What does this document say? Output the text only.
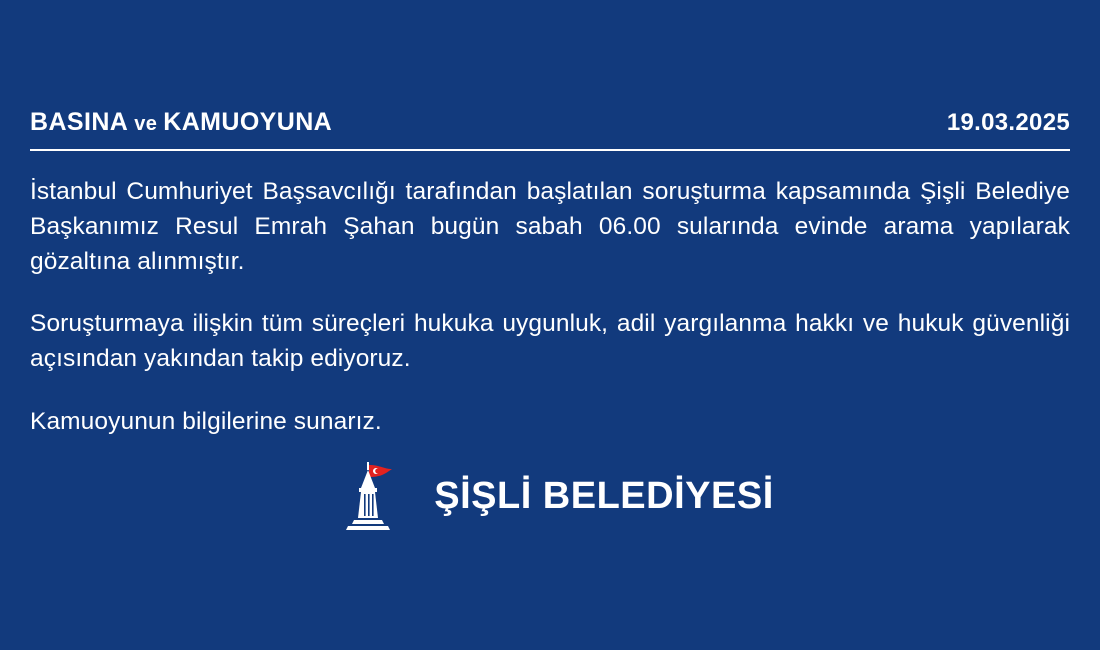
BASINA ve KAMUOYUNA	19.03.2025

İstanbul Cumhuriyet Başsavcılığı tarafından başlatılan soruşturma kapsamında Şişli Belediye Başkanımız Resul Emrah Şahan bugün sabah 06.00 sularında evinde arama yapılarak gözaltına alınmıştır.

Soruşturmaya ilişkin tüm süreçleri hukuka uygunluk, adil yargılanma hakkı ve hukuk güvenliği açısından yakından takip ediyoruz.

Kamuoyunun bilgilerine sunarız.

ŞİŞLİ BELEDİYESİ
